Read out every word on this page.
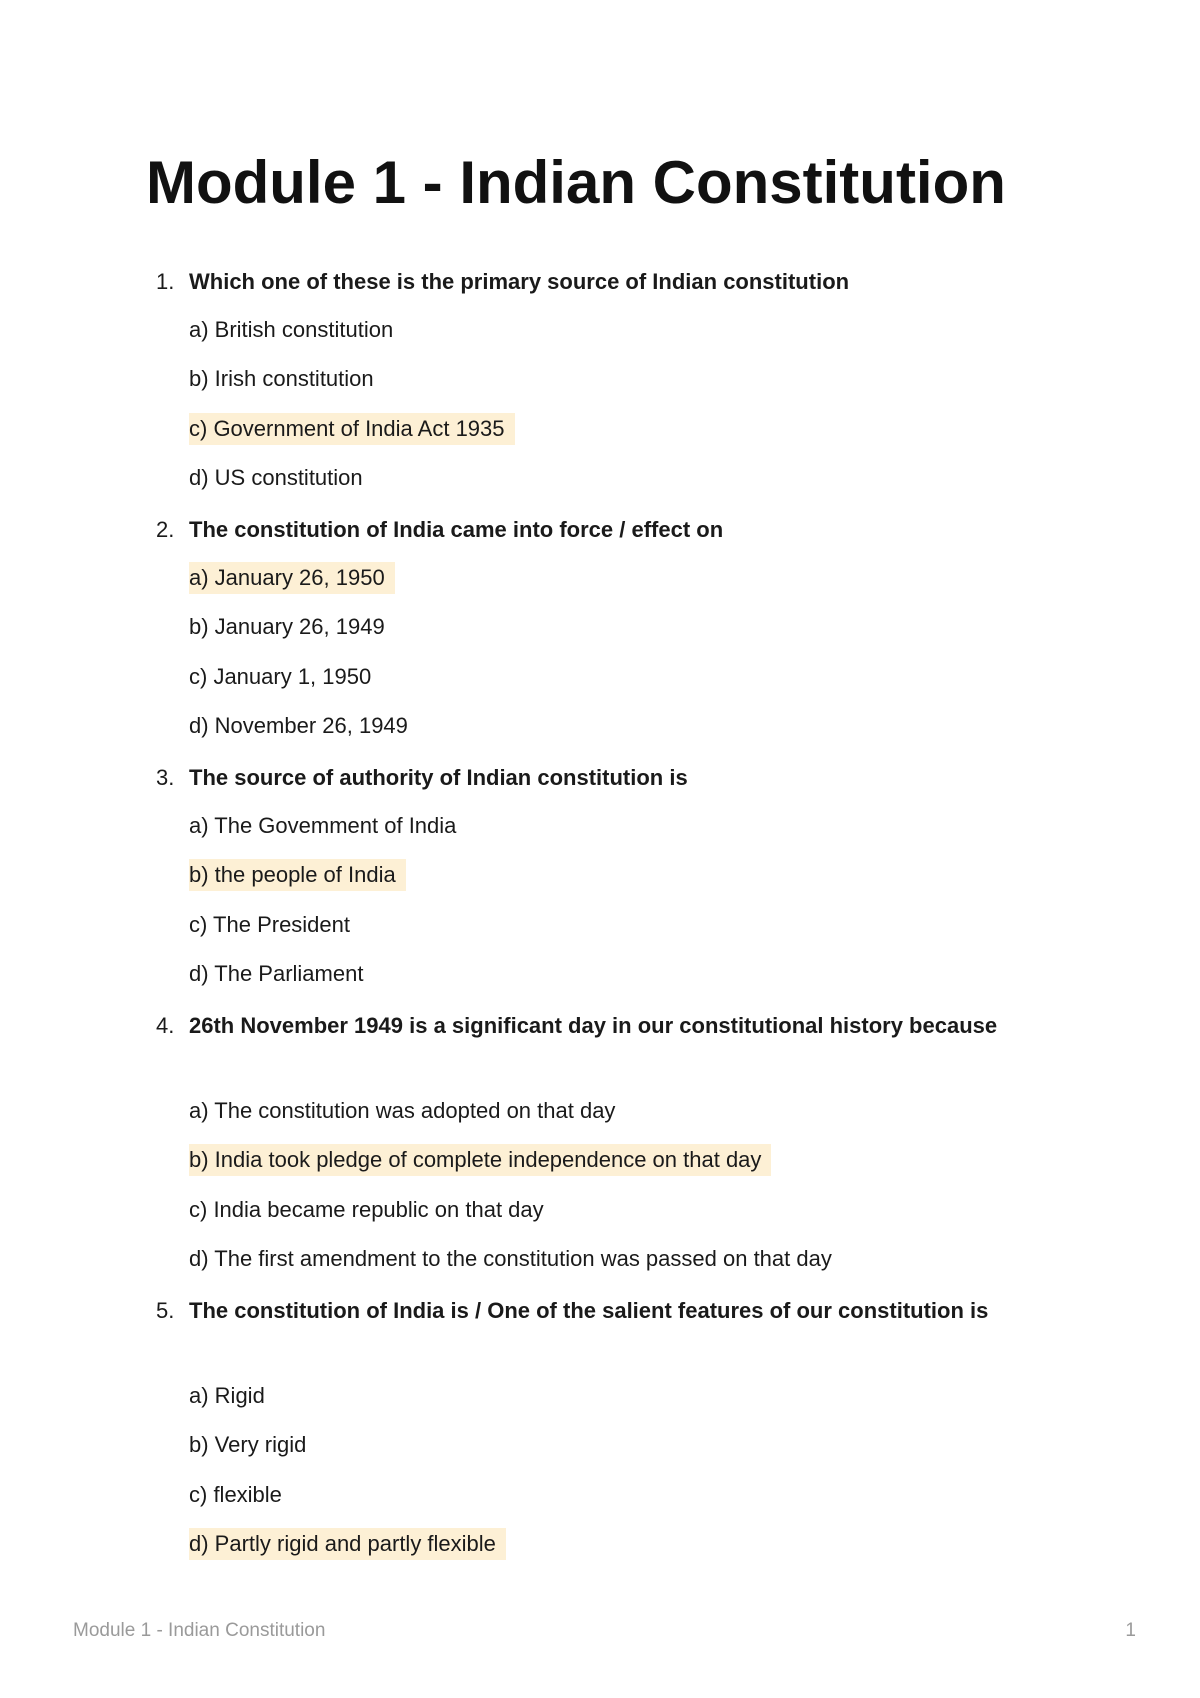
Module 1 - Indian Constitution
1. Which one of these is the primary source of Indian constitution
a) British constitution
b) Irish constitution
c) Government of India Act 1935
d) US constitution
2. The constitution of India came into force / effect on
a) January 26, 1950
b) January 26, 1949
c) January 1, 1950
d) November 26, 1949
3. The source of authority of Indian constitution is
a) The Govemment of India
b) the people of India
c) The President
d) The Parliament
4. 26th November 1949 is a significant day in our constitutional history because
a) The constitution was adopted on that day
b) India took pledge of complete independence on that day
c) India became republic on that day
d) The first amendment to the constitution was passed on that day
5. The constitution of India is / One of the salient features of our constitution is
a) Rigid
b) Very rigid
c) flexible
d) Partly rigid and partly flexible
Module 1 - Indian Constitution	1
